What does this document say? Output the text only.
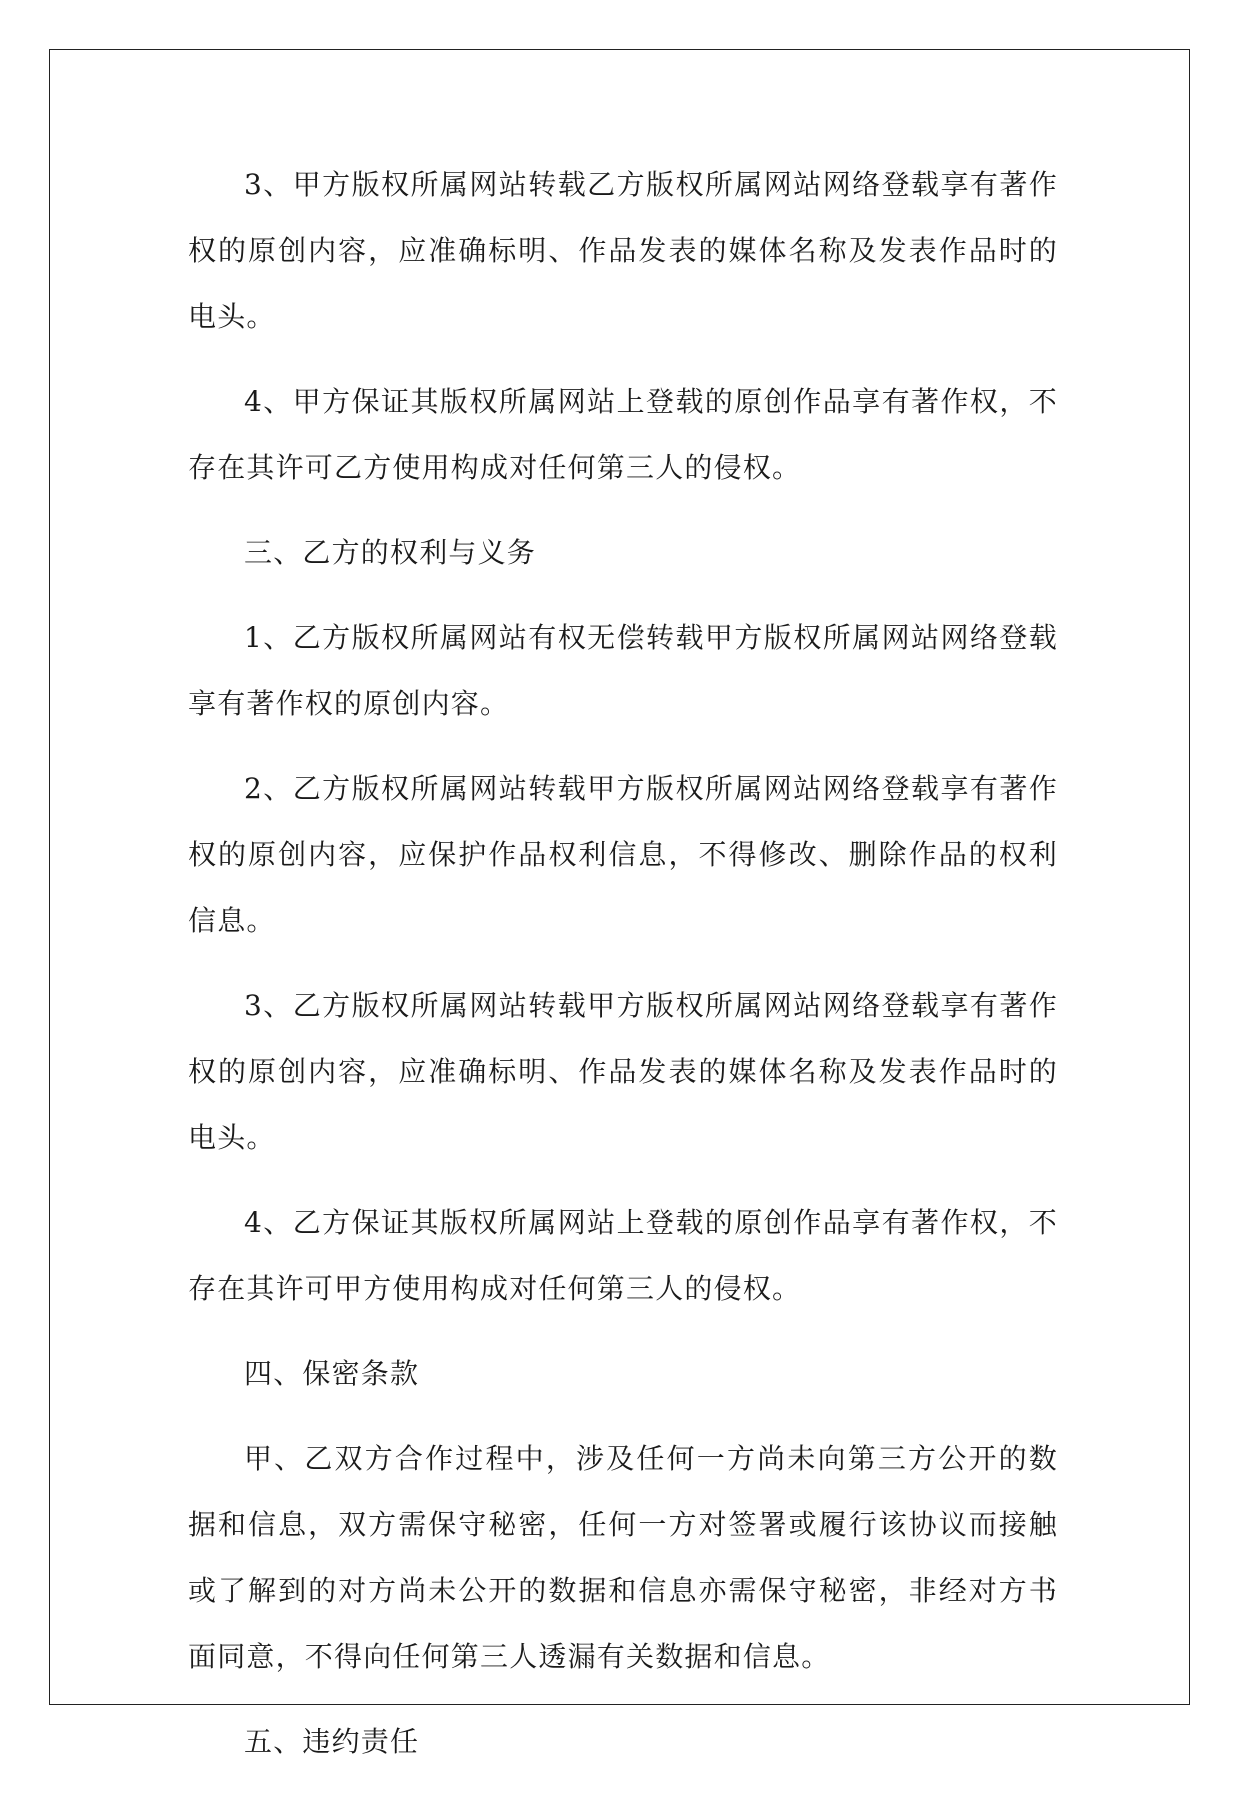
3、甲方版权所属网站转载乙方版权所属网站网络登载享有著作权的原创内容，应准确标明、作品发表的媒体名称及发表作品时的电头。

4、甲方保证其版权所属网站上登载的原创作品享有著作权，不存在其许可乙方使用构成对任何第三人的侵权。

三、乙方的权利与义务

1、乙方版权所属网站有权无偿转载甲方版权所属网站网络登载享有著作权的原创内容。

2、乙方版权所属网站转载甲方版权所属网站网络登载享有著作权的原创内容，应保护作品权利信息，不得修改、删除作品的权利信息。

3、乙方版权所属网站转载甲方版权所属网站网络登载享有著作权的原创内容，应准确标明、作品发表的媒体名称及发表作品时的电头。

4、乙方保证其版权所属网站上登载的原创作品享有著作权，不存在其许可甲方使用构成对任何第三人的侵权。

四、保密条款

甲、乙双方合作过程中，涉及任何一方尚未向第三方公开的数据和信息，双方需保守秘密，任何一方对签署或履行该协议而接触或了解到的对方尚未公开的数据和信息亦需保守秘密，非经对方书面同意，不得向任何第三人透漏有关数据和信息。

五、违约责任
